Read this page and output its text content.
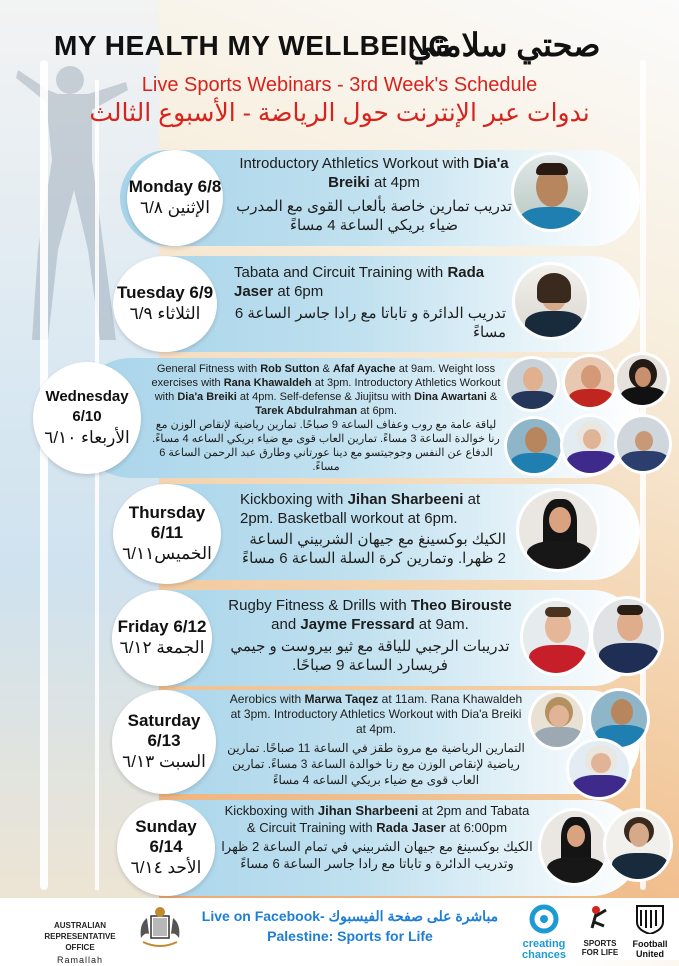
MY HEALTH MY WELLBEING
صحتي سلامتي
Live Sports Webinars - 3rd Week's Schedule
ندوات عبر الإنترنت حول الرياضة - الأسبوع الثالث
Monday 6/8
الإثنين ٦/٨
Introductory Athletics Workout with Dia'a Breiki at 4pm
تدريب تمارين خاصة بألعاب القوى مع المدرب ضياء بريكي الساعة 4 مساءً
Tuesday 6/9
الثلاثاء ٦/٩
Tabata and Circuit Training with Rada Jaser at 6pm
تدريب الدائرة و تاباتا مع رادا جاسر الساعة 6 مساءً
Wednesday 6/10
الأربعاء ٦/١٠
General Fitness with Rob Sutton & Afaf Ayache at 9am. Weight loss exercises with Rana Khawaldeh at 3pm. Introductory Athletics Workout with Dia'a Breiki at 4pm. Self-defense & Jiujitsu with Dina Awartani & Tarek Abdulrahman at 6pm.
لياقة عامة مع روب وعفاف الساعة 9 صباحًا. تمارين رياضية لإنقاص الوزن مع رنا خوالدة الساعة 3 مساءً. تمارين العاب قوى مع ضياء بريكي الساعه 4 مساءً. الدفاع عن النفس وجوجيتسو مع دينا عورتاني وطارق عبد الرحمن الساعة 6 مساءً.
Thursday 6/11
الخميس٦/١١
Kickboxing with Jihan Sharbeeni at 2pm. Basketball workout at 6pm.
الكيك بوكسينغ مع جيهان الشربيني الساعة 2 ظهرا. وتمارين كرة السلة الساعة 6 مساءً
Friday 6/12
الجمعة ٦/١٢
Rugby Fitness & Drills with Theo Birouste and Jayme Fressard at 9am.
تدريبات الرجبي للياقة مع ثيو بيروست و جيمي فريسارد الساعة 9 صباحًا.
Saturday 6/13
السبت ٦/١٣
Aerobics with Marwa Taqez at 11am. Rana Khawaldeh at 3pm. Introductory Athletics Workout with Dia'a Breiki at 4pm.
التمارين الرياضية مع مروة طقز في الساعة 11 صباحًا. تمارين رياضية لإنقاص الوزن مع رنا خوالدة الساعة 3 مساءً. تمارين العاب قوى مع ضياء بريكي الساعه 4 مساءً
Sunday 6/14
الأحد ٦/١٤
Kickboxing with Jihan Sharbeeni at 2pm and Tabata & Circuit Training with Rada Jaser at 6:00pm
الكيك بوكسينغ مع جيهان الشربيني في تمام الساعة 2 ظهرا وتدريب الدائرة و تاباتا مع رادا جاسر الساعة 6 مساءً
AUSTRALIAN
REPRESENTATIVE OFFICE
Ramallah
Live on Facebook- مباشرة على صفحة الفيسبوك
Palestine: Sports for Life	creating
chances
SPORTS
FOR LIFE
Football
United
